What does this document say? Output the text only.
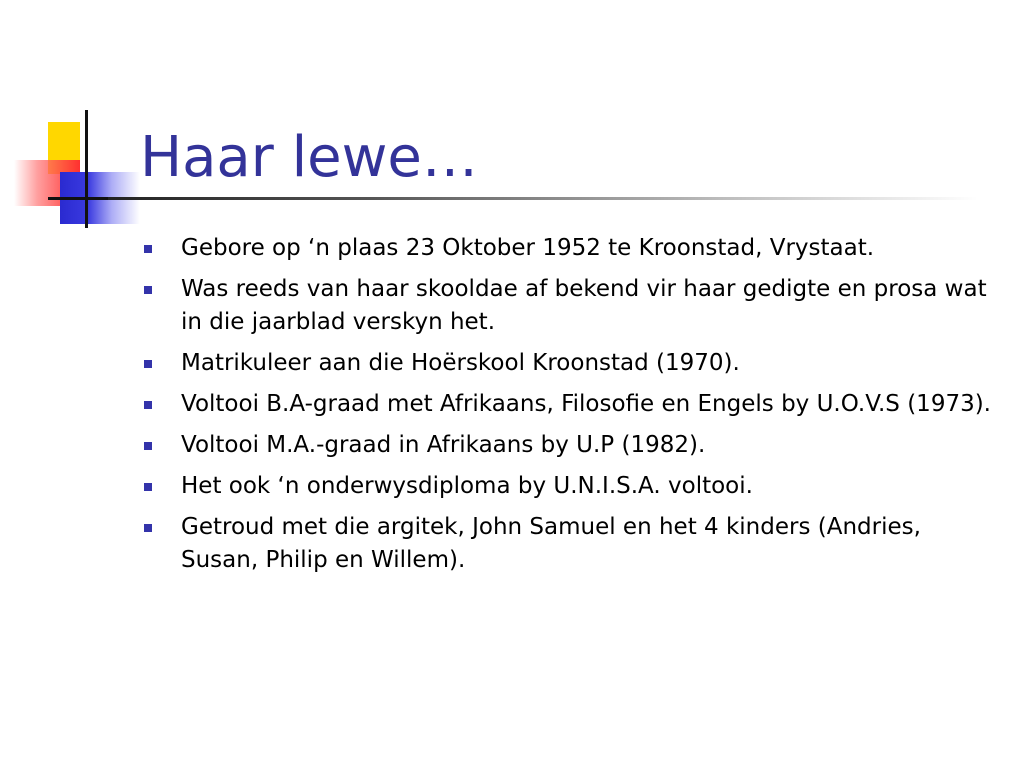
Haar lewe…
Gebore op ‘n plaas 23 Oktober 1952 te Kroonstad, Vrystaat.
Was reeds van haar skooldae af bekend vir haar gedigte en prosa wat in die jaarblad verskyn het.
Matrikuleer aan die Hoërskool Kroonstad (1970).
Voltooi B.A-graad met Afrikaans, Filosofie en Engels by U.O.V.S (1973).
Voltooi M.A.-graad in Afrikaans by U.P (1982).
Het ook ‘n onderwysdiploma by U.N.I.S.A. voltooi.
Getroud met die argitek, John Samuel en het 4 kinders (Andries, Susan, Philip en Willem).
